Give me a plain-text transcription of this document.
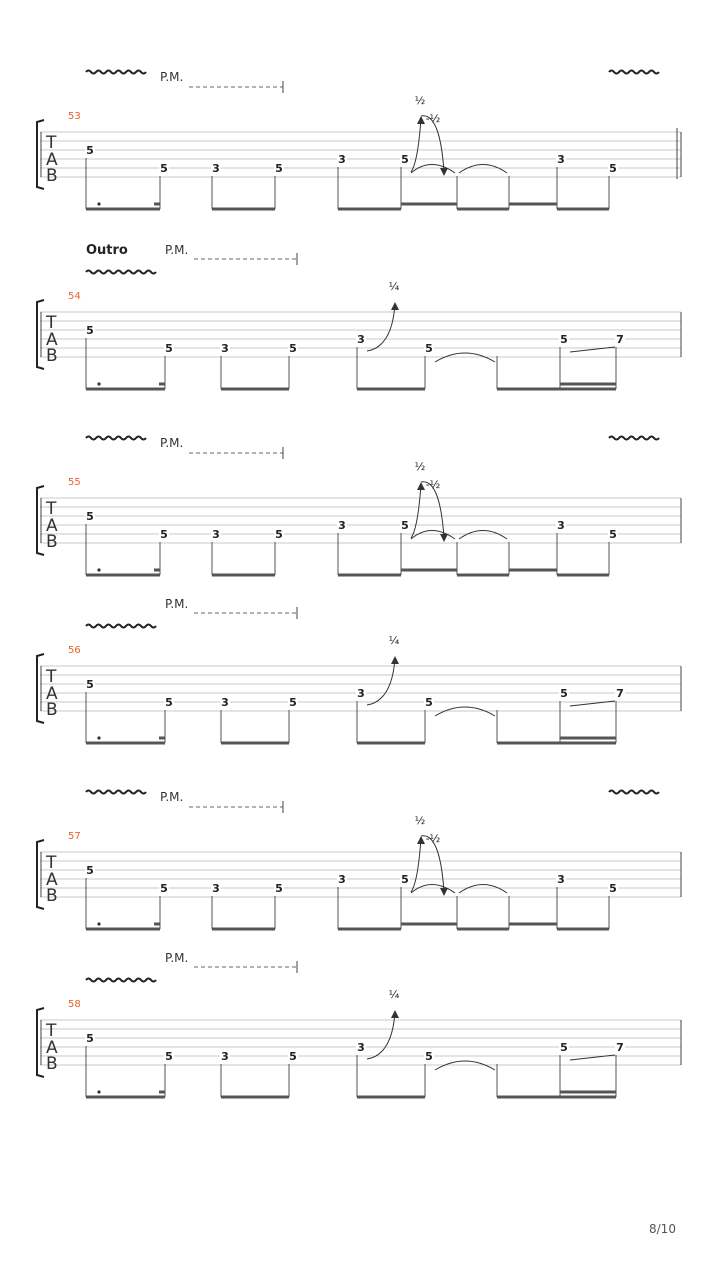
53
T
A
B
5
5	3	5
3	5	3
5
½
-½
P.M.
54
T
A
B
5
5	3	5
3
5
5	7
¼
P.M.
Outro
55
T
A
B
5
5	3	5
3	5	3
5
½
-½
P.M.
56
T
A
B
5
5	3	5
3
5
5	7
¼
P.M.
57
T
A
B
5
5	3	5
3	5	3
5
½
-½
P.M.
58
T
A
B
5
5	3	5
3
5
5	7
¼
P.M.
8/10
